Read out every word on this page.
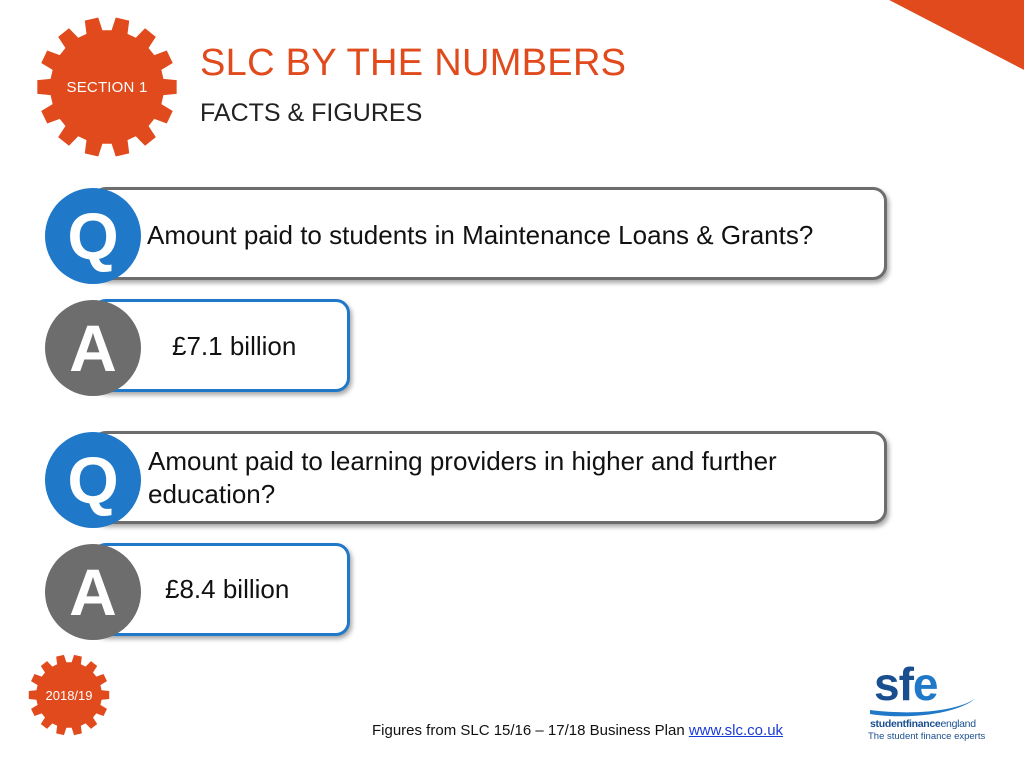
SECTION 1
SLC BY THE NUMBERS
FACTS & FIGURES
Q	Amount paid to students in Maintenance Loans & Grants?
A	£7.1 billion
Q	Amount paid to learning providers in higher and further education?
A	£8.4 billion
2018/19
Figures from SLC 15/16 – 17/18 Business Plan www.slc.co.uk
sfe
studentfinanceengland
The student finance experts
